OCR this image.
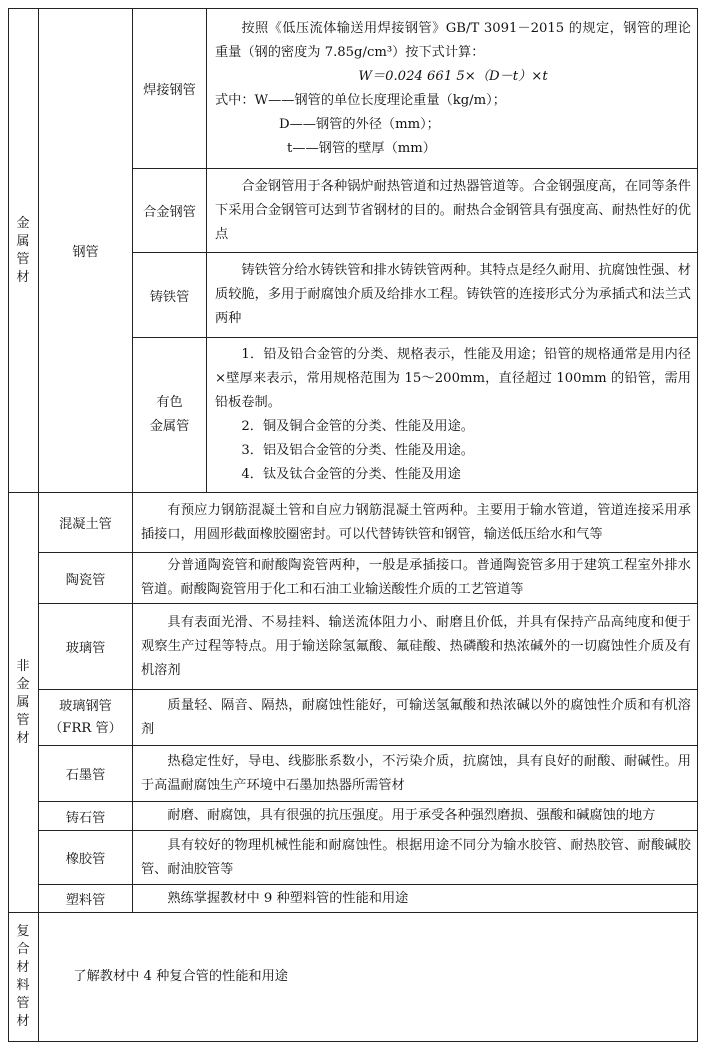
金
属
管
材
非
金
属
管
材
复
合
材
料
管
材
钢管
焊接钢管

按照《低压流体输送用焊接钢管》GB/T 3091－2015 的规定，钢管的理论重量（钢的密度为 7.85g/cm³）按下式计算：

W＝0.024 661 5×（D－t）×t

式中：W——钢管的单位长度理论重量（kg/m）；

D——钢管的外径（mm）；

t——钢管的壁厚（mm）

合金钢管

合金钢管用于各种锅炉耐热管道和过热器管道等。合金钢强度高，在同等条件下采用合金钢管可达到节省钢材的目的。耐热合金钢管具有强度高、耐热性好的优点

铸铁管

铸铁管分给水铸铁管和排水铸铁管两种。其特点是经久耐用、抗腐蚀性强、材质较脆，多用于耐腐蚀介质及给排水工程。铸铁管的连接形式分为承插式和法兰式两种

有色
金属管

1．铅及铅合金管的分类、规格表示，性能及用途；铅管的规格通常是用内径×壁厚来表示，常用规格范围为 15～200mm，直径超过 100mm 的铅管，需用铅板卷制。

2．铜及铜合金管的分类、性能及用途。

3．铝及铝合金管的分类、性能及用途。

4．钛及钛合金管的分类、性能及用途

混凝土管

有预应力钢筋混凝土管和自应力钢筋混凝土管两种。主要用于输水管道，管道连接采用承插接口，用圆形截面橡胶圈密封。可以代替铸铁管和钢管，输送低压给水和气等

陶瓷管

分普通陶瓷管和耐酸陶瓷管两种，一般是承插接口。普通陶瓷管多用于建筑工程室外排水管道。耐酸陶瓷管用于化工和石油工业输送酸性介质的工艺管道等

玻璃管

具有表面光滑、不易挂料、输送流体阻力小、耐磨且价低，并具有保持产品高纯度和便于观察生产过程等特点。用于输送除氢氟酸、氟硅酸、热磷酸和热浓碱外的一切腐蚀性介质及有机溶剂

玻璃钢管
（FRR 管）

质量轻、隔音、隔热，耐腐蚀性能好，可输送氢氟酸和热浓碱以外的腐蚀性介质和有机溶剂

石墨管

热稳定性好，导电、线膨胀系数小，不污染介质，抗腐蚀，具有良好的耐酸、耐碱性。用于高温耐腐蚀生产环境中石墨加热器所需管材

铸石管	耐磨、耐腐蚀，具有很强的抗压强度。用于承受各种强烈磨损、强酸和碱腐蚀的地方

橡胶管

具有较好的物理机械性能和耐腐蚀性。根据用途不同分为输水胶管、耐热胶管、耐酸碱胶管、耐油胶管等

塑料管	熟练掌握教材中 9 种塑料管的性能和用途

了解教材中 4 种复合管的性能和用途
